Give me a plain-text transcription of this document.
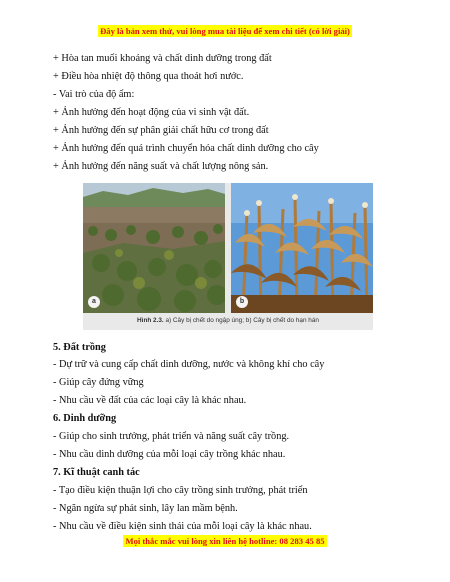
Đây là bản xem thử, vui lòng mua tài liệu để xem chi tiết (có lời giải)
+ Hòa tan muối khoáng và chất dinh dưỡng trong đất
+ Điều hòa nhiệt độ thông qua thoát hơi nước.
- Vai trò của độ ẩm:
+ Ảnh hưởng đến hoạt động của vi sinh vật đất.
+ Ảnh hưởng đến sự phân giải chất hữu cơ trong đất
+ Ảnh hưởng đến quá trình chuyển hóa chất dinh dưỡng cho cây
+ Ảnh hưởng đến năng suất và chất lượng nông sản.
a	b
Hình 2.3. a) Cây bị chết do ngập úng; b) Cây bị chết do hạn hán
5. Đất trồng
- Dự trữ và cung cấp chất dinh dưỡng, nước và không khí cho cây
- Giúp cây đứng vững
- Nhu cầu về đất của các loại cây là khác nhau.
6. Dinh dưỡng
- Giúp cho sinh trưởng, phát triển và năng suất cây trồng.
- Nhu cầu dinh dưỡng của mỗi loại cây trồng khác nhau.
7. Kĩ thuật canh tác
- Tạo điều kiện thuận lợi cho cây trồng sinh trưởng, phát triển
- Ngăn ngừa sự phát sinh, lây lan mầm bệnh.
- Nhu cầu về điều kiện sinh thái của mỗi loại cây là khác nhau.
Mọi thắc mắc vui lòng xin liên hệ hotline: 08 283 45 85
